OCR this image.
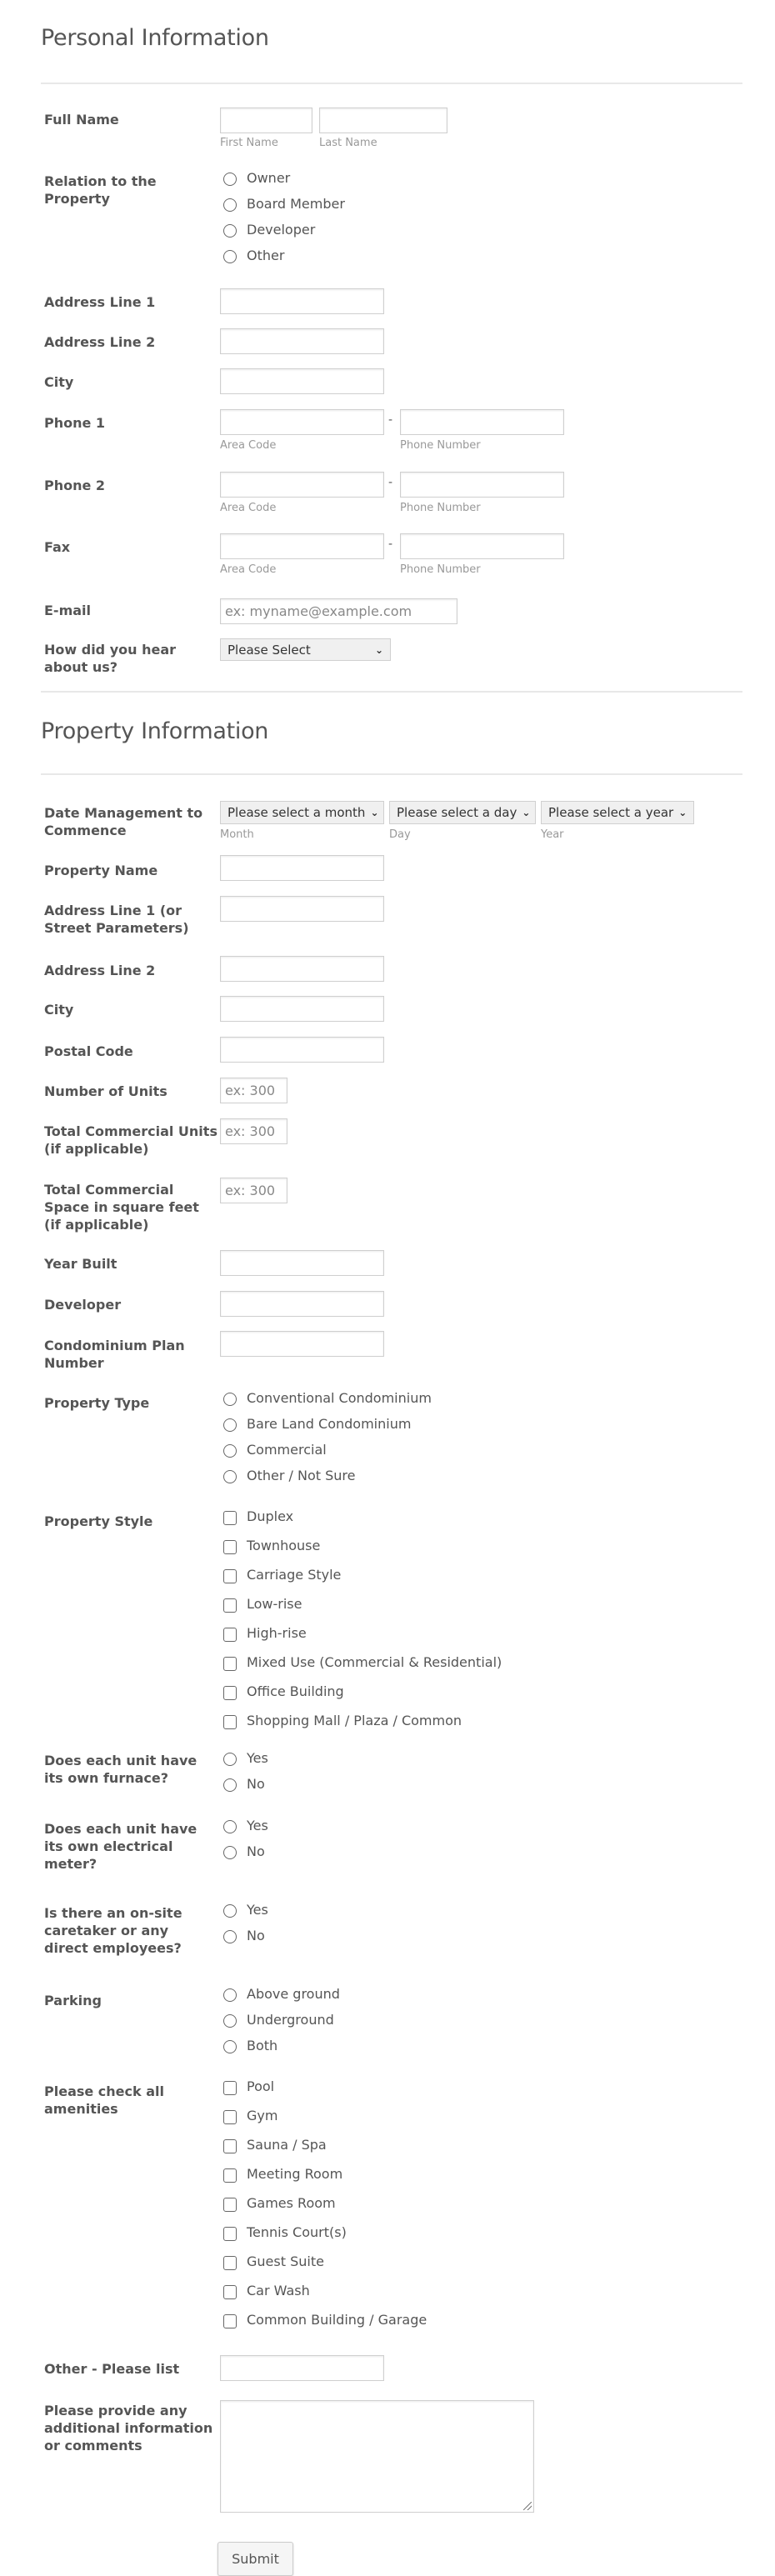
Personal Information
Full Name
First Name	Last Name
Relation to the Property
Owner
Board Member
Developer
Other
Address Line 1
Address Line 2
City
Phone 1	-
Area Code	Phone Number
Phone 2	-
Area Code	Phone Number
Fax	-
Area Code	Phone Number
E-mail
ex: myname@example.com
How did you hear about us?
Please Select	⌄
Property Information
Date Management to Commence
Please select a month ⌄ Please select a day ⌄ Please select a year ⌄
Month	Day	Year
Property Name
Address Line 1 (or Street Parameters)
Address Line 2
City
Postal Code
Number of Units
ex: 300
Total Commercial Units (if applicable)
ex: 300
Total Commercial Space in square feet (if applicable)
ex: 300
Year Built
Developer
Condominium Plan Number
Property Type	Conventional Condominium
Bare Land Condominium
Commercial
Other / Not Sure
Property Style	Duplex
Townhouse
Carriage Style
Low-rise
High-rise
Mixed Use (Commercial & Residential)
Office Building
Shopping Mall / Plaza / Common
Does each unit have its own furnace?
Yes
No
Does each unit have its own electrical meter?
Yes
No
Is there an on-site caretaker or any direct employees?
Yes
No
Parking	Above ground
Underground
Both
Please check all amenities
Pool
Gym
Sauna / Spa
Meeting Room
Games Room
Tennis Court(s)
Guest Suite
Car Wash
Common Building / Garage
Other - Please list
Please provide any additional information or comments
Submit
